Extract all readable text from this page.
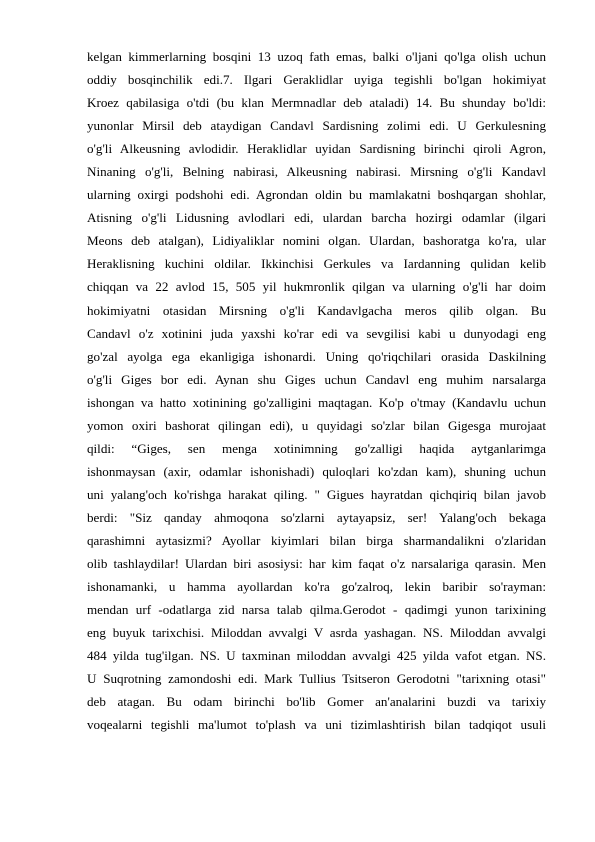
kelgan kimmerlarning bosqini 13 uzoq fath emas, balki o'ljani qo'lga olish uchun
oddiy bosqinchilik edi.7. Ilgari Geraklidlar uyiga tegishli bo'lgan hokimiyat
Kroez qabilasiga o'tdi (bu klan Mermnadlar deb ataladi) 14. Bu shunday bo'ldi:
yunonlar Mirsil deb ataydigan Candavl Sardisning zolimi edi. U Gerkulesning
o'g'li Alkeusning avlodidir. Heraklidlar uyidan Sardisning birinchi qiroli Agron,
Ninaning o'g'li, Belning nabirasi, Alkeusning nabirasi. Mirsning o'g'li Kandavl
ularning oxirgi podshohi edi. Agrondan oldin bu mamlakatni boshqargan shohlar,
Atisning o'g'li Lidusning avlodlari edi, ulardan barcha hozirgi odamlar (ilgari
Meons deb atalgan), Lidiyaliklar nomini olgan. Ulardan, bashoratga ko'ra, ular
Heraklisning kuchini oldilar. Ikkinchisi Gerkules va Iardanning qulidan kelib
chiqqan va 22 avlod 15, 505 yil hukmronlik qilgan va ularning o'g'li har doim
hokimiyatni otasidan Mirsning o'g'li Kandavlgacha meros qilib olgan. Bu
Candavl o'z xotinini juda yaxshi ko'rar edi va sevgilisi kabi u dunyodagi eng
go'zal ayolga ega ekanligiga ishonardi. Uning qo'riqchilari orasida Daskilning
o'g'li Giges bor edi. Aynan shu Giges uchun Candavl eng muhim narsalarga
ishongan va hatto xotinining go'zalligini maqtagan. Ko'p o'tmay (Kandavlu uchun
yomon oxiri bashorat qilingan edi), u quyidagi so'zlar bilan Gigesga murojaat
qildi: “Giges, sen menga xotinimning go'zalligi haqida aytganlarimga
ishonmaysan (axir, odamlar ishonishadi) quloqlari ko'zdan kam), shuning uchun
uni yalang'och ko'rishga harakat qiling. " Gigues hayratdan qichqiriq bilan javob
berdi: "Siz qanday ahmoqona so'zlarni aytayapsiz, ser! Yalang'och bekaga
qarashimni aytasizmi? Ayollar kiyimlari bilan birga sharmandalikni o'zlaridan
olib tashlaydilar! Ulardan biri asosiysi: har kim faqat o'z narsalariga qarasin. Men
ishonamanki, u hamma ayollardan ko'ra go'zalroq, lekin baribir so'rayman:
mendan urf -odatlarga zid narsa talab qilma.Gerodot - qadimgi yunon tarixining
eng buyuk tarixchisi. Miloddan avvalgi V asrda yashagan. NS. Miloddan avvalgi
484 yilda tug'ilgan. NS. U taxminan miloddan avvalgi 425 yilda vafot etgan. NS.
U Suqrotning zamondoshi edi. Mark Tullius Tsitseron Gerodotni "tarixning otasi"
deb atagan. Bu odam birinchi bo'lib Gomer an'analarini buzdi va tarixiy
voqealarni tegishli ma'lumot to'plash va uni tizimlashtirish bilan tadqiqot usuli
